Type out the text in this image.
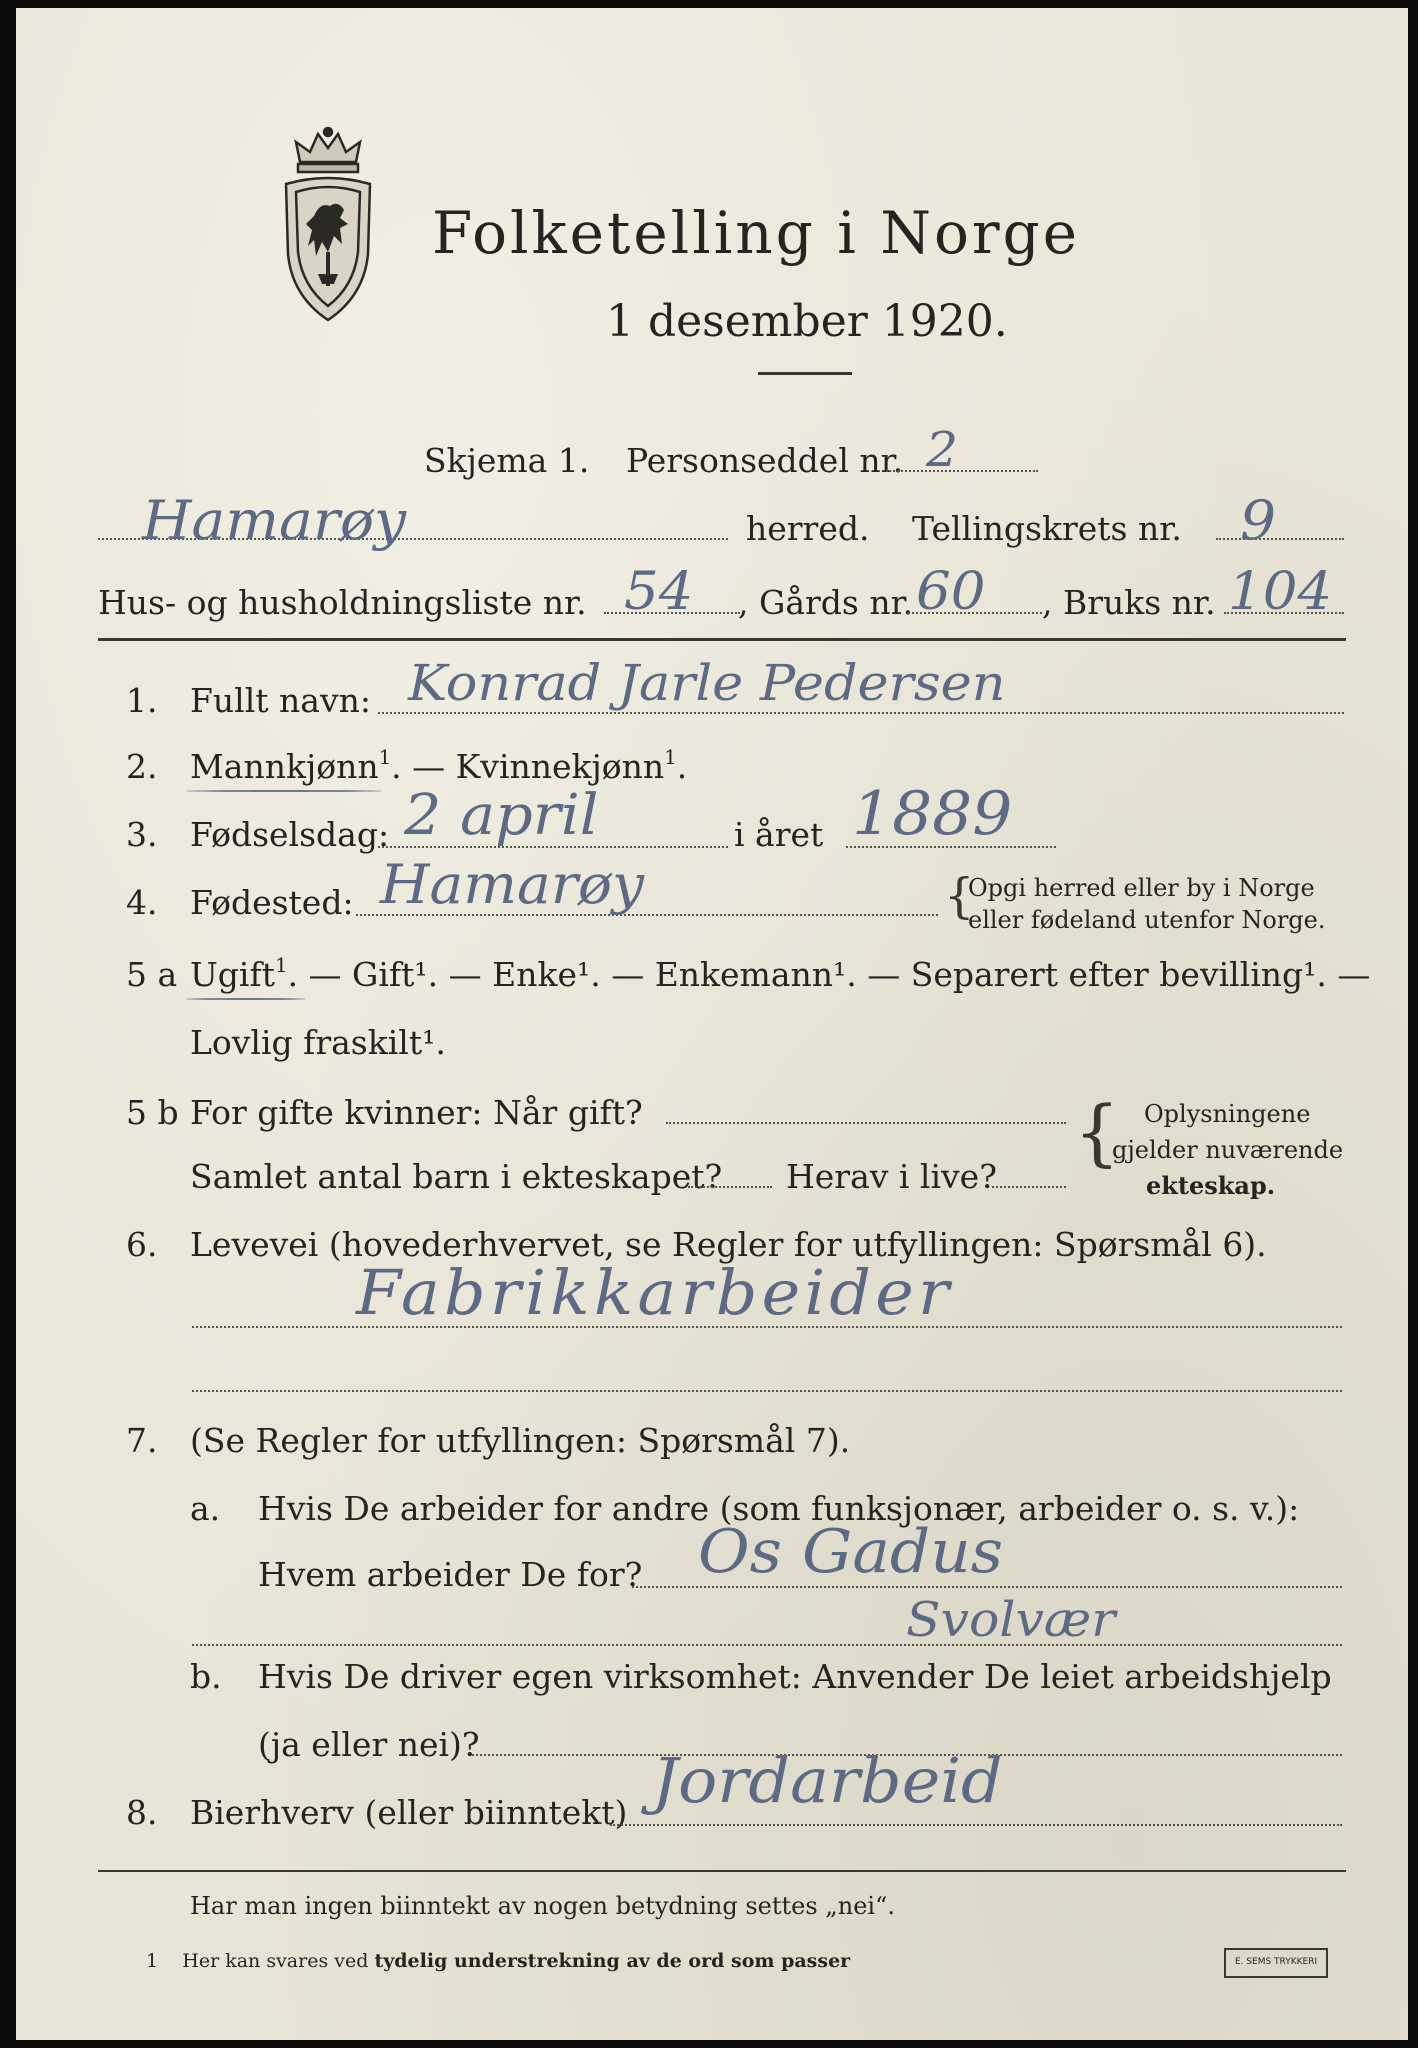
Folketelling i Norge
1 desember 1920.
Skjema 1. Personseddel nr. 2
Hamarøy	herred. Tellingskrets nr. 9
Hus- og husholdningsliste nr. 54 , Gårds nr. 60 , Bruks nr. 104
1. Fullt navn: Konrad Jarle Pedersen
2. Mannkjønn$^1$. — Kvinnekjønn$^1$.
3. Fødselsdag: 2 april	i året 1889
4. Fødested: Hamarøy	{
Opgi herred eller by i Norge
eller fødeland utenfor Norge.
5 a Ugift$^1$. — Gift¹. — Enke¹. — Enkemann¹. — Separert efter bevilling¹. —
Lovlig fraskilt¹.
5 b For gifte kvinner: Når gift?
Samlet antal barn i ekteskapet? Herav i live?
{ Oplysningene
gjelder nuværende
ekteskap.
6. Levevei (hovederhvervet, se Regler for utfyllingen: Spørsmål 6).
Fabrikkarbeider
7. (Se Regler for utfyllingen: Spørsmål 7).
a. Hvis De arbeider for andre (som funksjonær, arbeider o. s. v.):
Hvem arbeider De for? Os Gadus
Svolvær
b. Hvis De driver egen virksomhet: Anvender De leiet arbeidshjelp
(ja eller nei)?
8. Bierhverv (eller biinntekt) Jordarbeid
Har man ingen biinntekt av nogen betydning settes „nei“.
1 Her kan svares ved tydelig understrekning av de ord som passer	E. SEMS TRYKKERI
